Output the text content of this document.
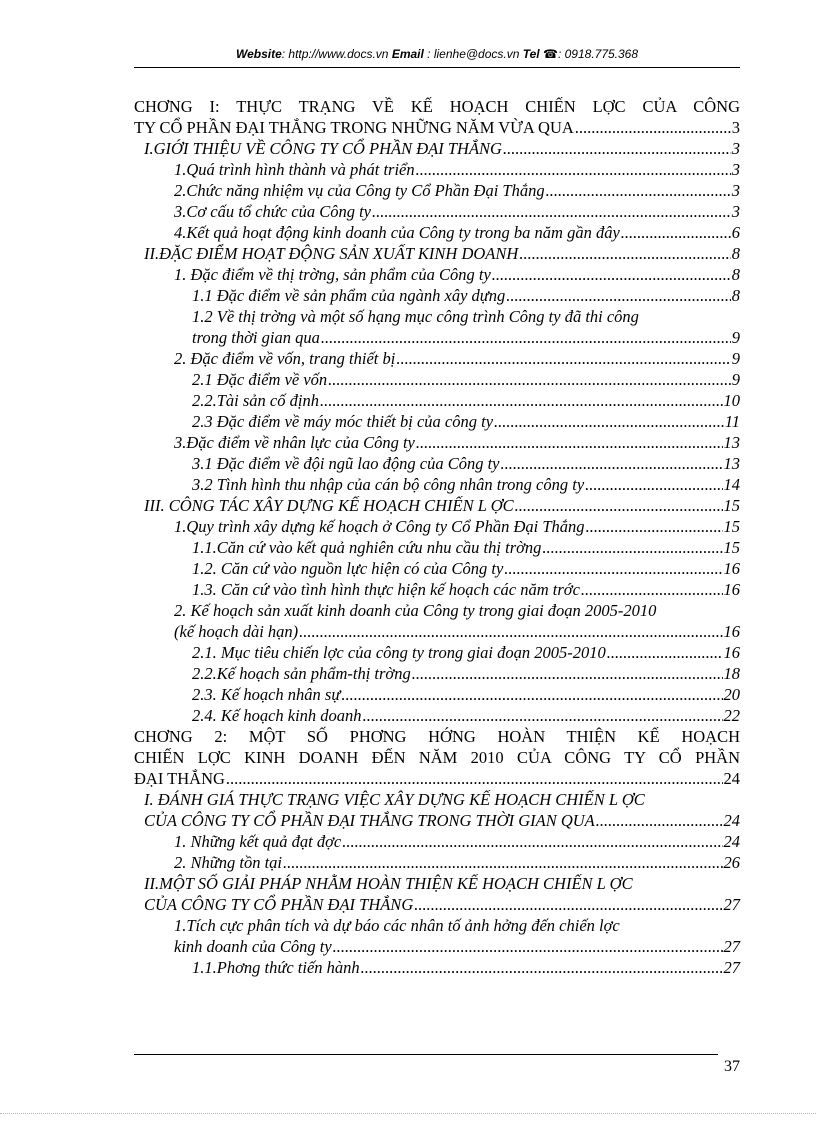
Website: http://www.docs.vn Email : lienhe@docs.vn Tel ☎: 0918.775.368
CHƠNG I: THỰC TRẠNG VỀ KẾ HOẠCH CHIẾN LỢC CỦA CÔNG
TY CỔ PHẦN ĐẠI THẮNG TRONG NHỮNG NĂM VỪA QUA .....	3
I.GIỚI THIỆU VỀ CÔNG TY CỔ PHẦN ĐẠI THẮNG .....	3
1.Quá trình hình thành và phát triển .....	3
2.Chức năng nhiệm vụ của Công ty Cổ Phần Đại Thắng .....	3
3.Cơ cấu tổ chức của Công ty .....	3
4.Kết quả hoạt động kinh doanh của Công ty trong ba năm gần đây .....	6
II.ĐẶC ĐIỂM HOẠT ĐỘNG SẢN XUẤT KINH DOANH .....	8
1. Đặc điểm về thị trờng, sản phẩm của Công ty .....	8
1.1 Đặc điểm về sản phẩm của ngành xây dựng .....	8
1.2 Về thị trờng và một số hạng mục công trình Công ty đã thi công
trong thời gian qua .....	9
2. Đặc điểm về vốn, trang thiết bị .....	9
2.1 Đặc điểm về vốn .....	9
2.2.Tài sản cố định .....	10
2.3 Đặc điểm về máy móc thiết bị của công ty .....	11
3.Đặc điểm về nhân lực của Công ty .....	13
3.1 Đặc điểm về đội ngũ lao động của Công ty .....	13
3.2 Tình hình thu nhập của cán bộ công nhân trong công ty .....	14
III. CÔNG TÁC XÂY DỰNG KẾ HOẠCH CHIẾN L ỢC .....	15
1.Quy trình xây dựng kế hoạch ở Công ty Cổ Phần Đại Thắng .....	15
1.1.Căn cứ vào kết quả nghiên cứu nhu cầu thị trờng .....	15
1.2. Căn cứ vào nguồn lực hiện có của Công ty .....	16
1.3. Căn cứ vào tình hình thực hiện kế hoạch các năm trớc .....	16
2. Kế hoạch sản xuất kinh doanh của Công ty trong giai đoạn 2005-2010
(kế hoạch dài hạn) .....	16
2.1. Mục tiêu chiến lợc của công ty trong giai đoạn 2005-2010 .....	16
2.2.Kế hoạch sản phẩm-thị trờng .....	18
2.3. Kế hoạch nhân sự .....	20
2.4. Kế hoạch kinh doanh .....	22
CHƠNG 2: MỘT SỐ PHƠNG HỚNG HOÀN THIỆN KẾ HOẠCH
CHIẾN LỢC KINH DOANH ĐẾN NĂM 2010 CỦA CÔNG TY CỔ PHẦN
ĐẠI THẮNG .....	24
I. ĐÁNH GIÁ THỰC TRẠNG VIỆC XÂY DỰNG KẾ HOẠCH CHIẾN L ỢC
CỦA CÔNG TY CỔ PHẦN ĐẠI THẮNG TRONG THỜI GIAN QUA .....	24
1. Những kết quả đạt đợc .....	24
2. Những tồn tại .....	26
II.MỘT SỐ GIẢI PHÁP NHẰM HOÀN THIỆN KẾ HOẠCH CHIẾN L ỢC
CỦA CÔNG TY CỔ PHẦN ĐẠI THẮNG .....	27
1.Tích cực phân tích và dự báo các nhân tố ảnh hởng đến chiến lợc
kinh doanh của Công ty .....	27
1.1.Phơng thức tiến hành .....	27
37
